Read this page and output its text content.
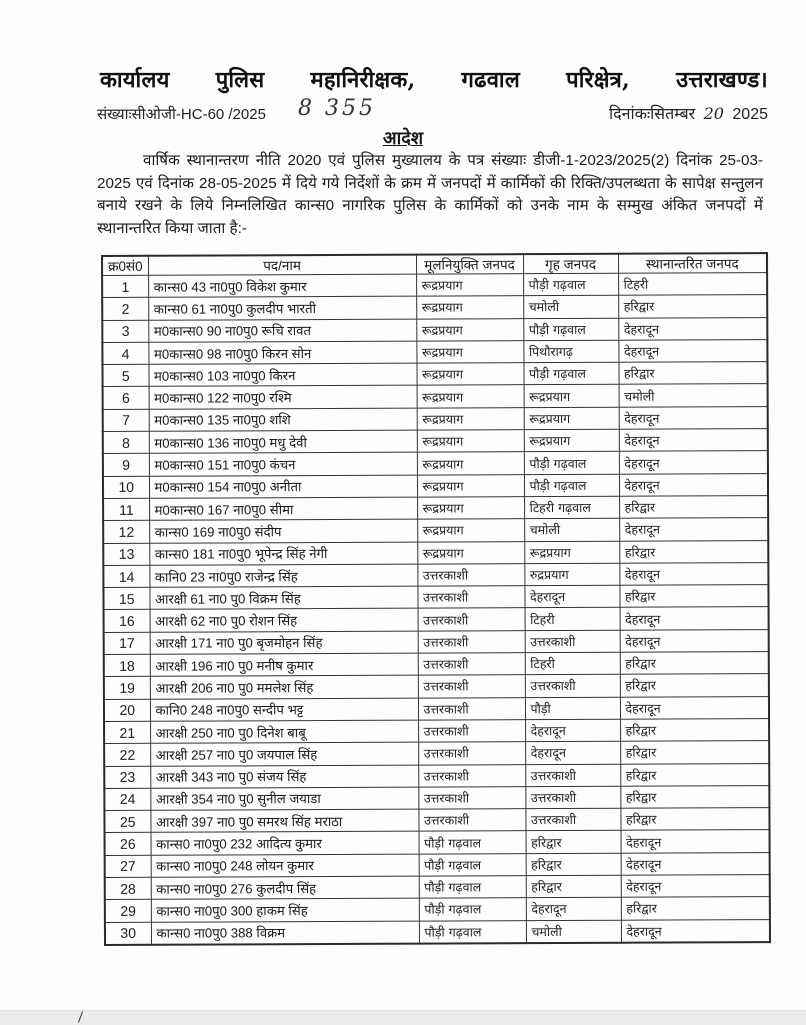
कार्यालय पुलिस महानिरीक्षक, गढवाल परिक्षेत्र, उत्तराखण्ड।
संख्याःसीओजी-HC-60 /2025 8 355	दिनांकःसितम्बर 20 2025
आदेश
वार्षिक स्थानान्तरण नीति 2020 एवं पुलिस मुख्यालय के पत्र संख्याः डीजी-1-2023/2025(2) दिनांक 25-03-2025 एवं दिनांक 28-05-2025 में दिये गये निर्देशों के क्रम में जनपदों में कार्मिकों की रिक्ति/उपलब्धता के सापेक्ष सन्तुलन बनाये रखने के लिये निम्नलिखित कान्स0 नागरिक पुलिस के कार्मिकों को उनके नाम के सम्मुख अंकित जनपदों में स्थानान्तरित किया जाता है:-
क्र0सं0	पद/नाम	मूलनियुक्ति जनपद	गृह जनपद	स्थानान्तरित जनपद
1	कान्स0 43 ना0पु0 विकेश कुमार	रूद्रप्रयाग	पौड़ी गढ़वाल	टिहरी
2	कान्स0 61 ना0पु0 कुलदीप भारती	रूद्रप्रयाग	चमोली	हरिद्वार
3	म0कान्स0 90 ना0पु0 रूचि रावत	रूद्रप्रयाग	पौड़ी गढ़वाल	देहरादून
4	म0कान्स0 98 ना0पु0 किरन सोन	रूद्रप्रयाग	पिथौरागढ़	देहरादून
5	म0कान्स0 103 ना0पु0 किरन	रूद्रप्रयाग	पौड़ी गढ़वाल	हरिद्वार
6	म0कान्स0 122 ना0पु0 रश्मि	रूद्रप्रयाग	रूद्रप्रयाग	चमोली
7	म0कान्स0 135 ना0पु0 शशि	रूद्रप्रयाग	रूद्रप्रयाग	देहरादून
8	म0कान्स0 136 ना0पु0 मधु देवी	रूद्रप्रयाग	रूद्रप्रयाग	देहरादून
9	म0कान्स0 151 ना0पु0 कंचन	रूद्रप्रयाग	पौड़ी गढ़वाल	देहरादून
10	म0कान्स0 154 ना0पु0 अनीता	रूद्रप्रयाग	पौड़ी गढ़वाल	देहरादून
11	म0कान्स0 167 ना0पु0 सीमा	रूद्रप्रयाग	टिहरी गढ़वाल	हरिद्वार
12	कान्स0 169 ना0पु0 संदीप	रूद्रप्रयाग	चमोली	देहरादून
13	कान्स0 181 ना0पु0 भूपेन्द्र सिंह नेगी	रूद्रप्रयाग	रूद्रप्रयाग	हरिद्वार
14	कानि0 23 ना0पु0 राजेन्द्र सिंह	उत्तरकाशी	रुद्रप्रयाग	देहरादून
15	आरक्षी 61 ना0 पु0 विक्रम सिंह	उत्तरकाशी	देहरादून	हरिद्वार
16	आरक्षी 62 ना0 पु0 रोशन सिंह	उत्तरकाशी	टिहरी	देहरादून
17	आरक्षी 171 ना0 पु0 बृजमोहन सिंह	उत्तरकाशी	उत्तरकाशी	देहरादून
18	आरक्षी 196 ना0 पु0 मनीष कुमार	उत्तरकाशी	टिहरी	हरिद्वार
19	आरक्षी 206 ना0 पु0 ममलेश सिंह	उत्तरकाशी	उत्तरकाशी	हरिद्वार
20	कानि0 248 ना0पु0 सन्दीप भट्ट	उत्तरकाशी	पौड़ी	देहरादून
21	आरक्षी 250 ना0 पु0 दिनेश बाबू	उत्तरकाशी	देहरादून	हरिद्वार
22	आरक्षी 257 ना0 पु0 जयपाल सिंह	उत्तरकाशी	देहरादून	हरिद्वार
23	आरक्षी 343 ना0 पु0 संजय सिंह	उत्तरकाशी	उत्तरकाशी	हरिद्वार
24	आरक्षी 354 ना0 पु0 सुनील जयाडा	उत्तरकाशी	उत्तरकाशी	हरिद्वार
25	आरक्षी 397 ना0 पु0 समरथ सिंह मराठा	उत्तरकाशी	उत्तरकाशी	हरिद्वार
26	कान्स0 ना0पु0 232 आदित्य कुमार	पौड़ी गढ़वाल	हरिद्वार	देहरादून
27	कान्स0 ना0पु0 248 लोयन कुमार	पौड़ी गढ़वाल	हरिद्वार	देहरादून
28	कान्स0 ना0पु0 276 कुलदीप सिंह	पौड़ी गढ़वाल	हरिद्वार	देहरादून
29	कान्स0 ना0पु0 300 हाकम सिंह	पौड़ी गढ़वाल	देहरादून	हरिद्वार
30	कान्स0 ना0पु0 388 विक्रम	पौड़ी गढ़वाल	चमोली	देहरादून
